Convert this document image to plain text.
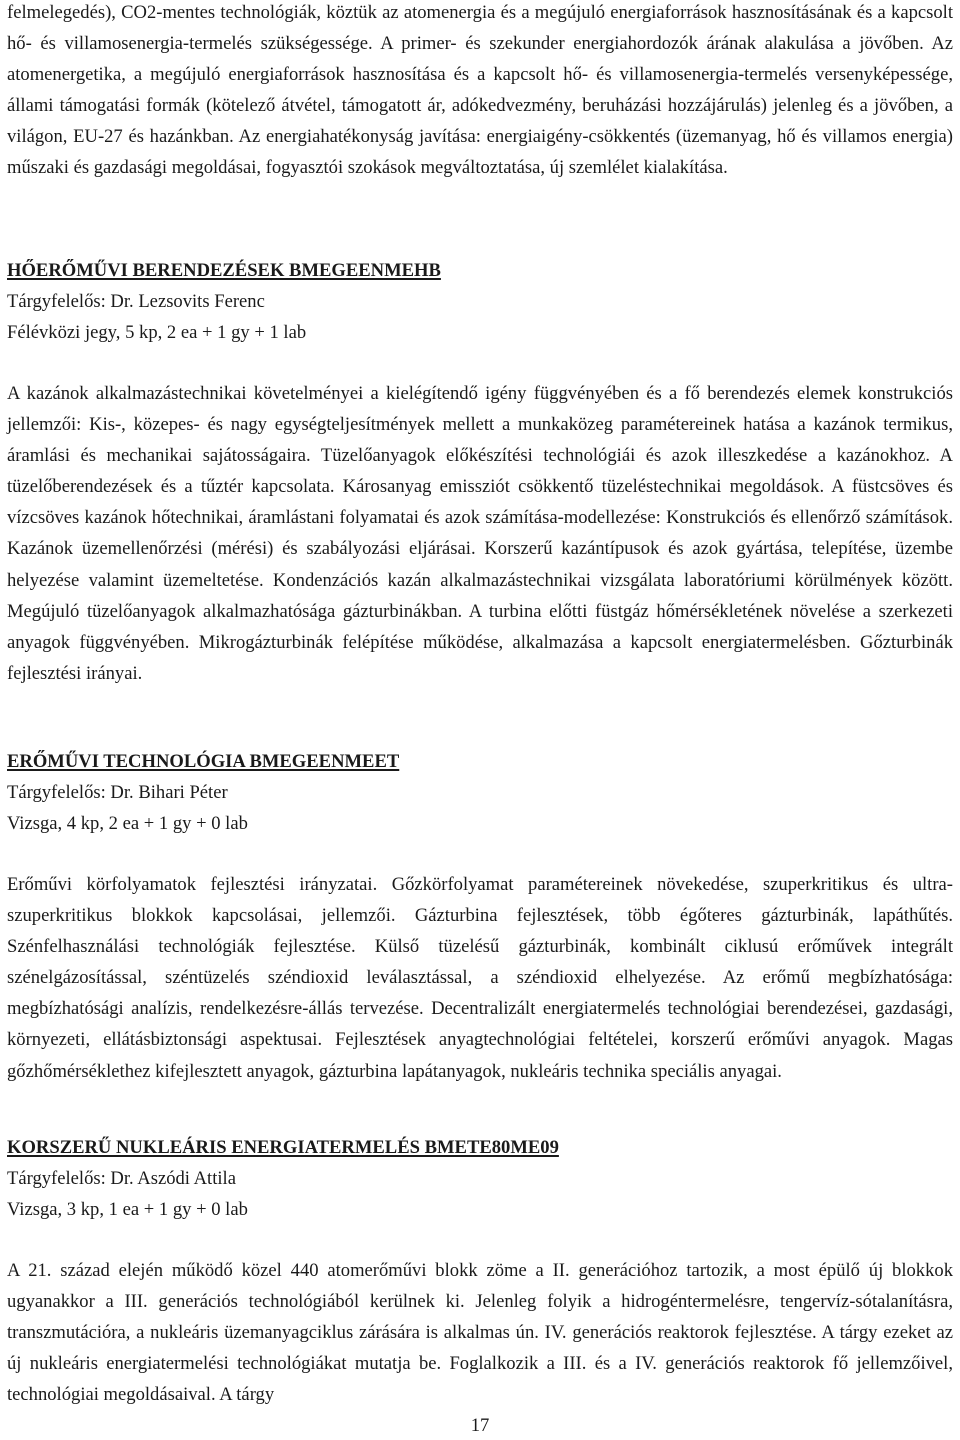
felmelegedés), CO2-mentes technológiák, köztük az atomenergia és a megújuló energiaforrások hasznosításának és a kapcsolt hő- és villamosenergia-termelés szükségessége. A primer- és szekunder energiahordozók árának alakulása a jövőben. Az atomenergetika, a megújuló energiaforrások hasznosítása és a kapcsolt hő- és villamosenergia-termelés versenyképessége, állami támogatási formák (kötelező átvétel, támogatott ár, adókedvezmény, beruházási hozzájárulás) jelenleg és a jövőben, a világon, EU-27 és hazánkban. Az energiahatékonyság javítása: energiaigény-csökkentés (üzemanyag, hő és villamos energia) műszaki és gazdasági megoldásai, fogyasztói szokások megváltoztatása, új szemlélet kialakítása.

HŐERŐMŰVI BERENDEZÉSEK BMEGEENMEHB
Tárgyfelelős: Dr. Lezsovits Ferenc
Félévközi jegy, 5 kp, 2 ea + 1 gy + 1 lab

A kazánok alkalmazástechnikai követelményei a kielégítendő igény függvényében és a fő berendezés elemek konstrukciós jellemzői: Kis-, közepes- és nagy egységteljesítmények mellett a munkaközeg paramétereinek hatása a kazánok termikus, áramlási és mechanikai sajátosságaira. Tüzelőanyagok előkészítési technológiái és azok illeszkedése a kazánokhoz. A tüzelőberendezések és a tűztér kapcsolata. Károsanyag emissziót csökkentő tüzeléstechnikai megoldások. A füstcsöves és vízcsöves kazánok hőtechnikai, áramlástani folyamatai és azok számítása-modellezése: Konstrukciós és ellenőrző számítások. Kazánok üzemellenőrzési (mérési) és szabályozási eljárásai. Korszerű kazántípusok és azok gyártása, telepítése, üzembe helyezése valamint üzemeltetése. Kondenzációs kazán alkalmazástechnikai vizsgálata laboratóriumi körülmények között. Megújuló tüzelőanyagok alkalmazhatósága gázturbinákban. A turbina előtti füstgáz hőmérsékletének növelése a szerkezeti anyagok függvényében. Mikrogázturbinák felépítése működése, alkalmazása a kapcsolt energiatermelésben. Gőzturbinák fejlesztési irányai.

ERŐMŰVI TECHNOLÓGIA BMEGEENMEET
Tárgyfelelős: Dr. Bihari Péter
Vizsga, 4 kp, 2 ea + 1 gy + 0 lab

Erőművi körfolyamatok fejlesztési irányzatai. Gőzkörfolyamat paramétereinek növekedése, szuperkritikus és ultra-szuperkritikus blokkok kapcsolásai, jellemzői. Gázturbina fejlesztések, több égőteres gázturbinák, lapáthűtés. Szénfelhasználási technológiák fejlesztése. Külső tüzelésű gázturbinák, kombinált ciklusú erőművek integrált szénelgázosítással, széntüzelés széndioxid leválasztással, a széndioxid elhelyezése. Az erőmű megbízhatósága: megbízhatósági analízis, rendelkezésre-állás tervezése. Decentralizált energiatermelés technológiai berendezései, gazdasági, környezeti, ellátásbiztonsági aspektusai. Fejlesztések anyagtechnológiai feltételei, korszerű erőművi anyagok. Magas gőzhőmérséklethez kifejlesztett anyagok, gázturbina lapátanyagok, nukleáris technika speciális anyagai.

KORSZERŰ NUKLEÁRIS ENERGIATERMELÉS BMETE80ME09
Tárgyfelelős: Dr. Aszódi Attila
Vizsga, 3 kp, 1 ea + 1 gy + 0 lab

A 21. század elején működő közel 440 atomerőművi blokk zöme a II. generációhoz tartozik, a most épülő új blokkok ugyanakkor a III. generációs technológiából kerülnek ki. Jelenleg folyik a hidrogéntermelésre, tengervíz-sótalanításra, transzmutációra, a nukleáris üzemanyagciklus zárására is alkalmas ún. IV. generációs reaktorok fejlesztése. A tárgy ezeket az új nukleáris energiatermelési technológiákat mutatja be. Foglalkozik a III. és a IV. generációs reaktorok fő jellemzőivel, technológiai megoldásaival. A tárgy

17
